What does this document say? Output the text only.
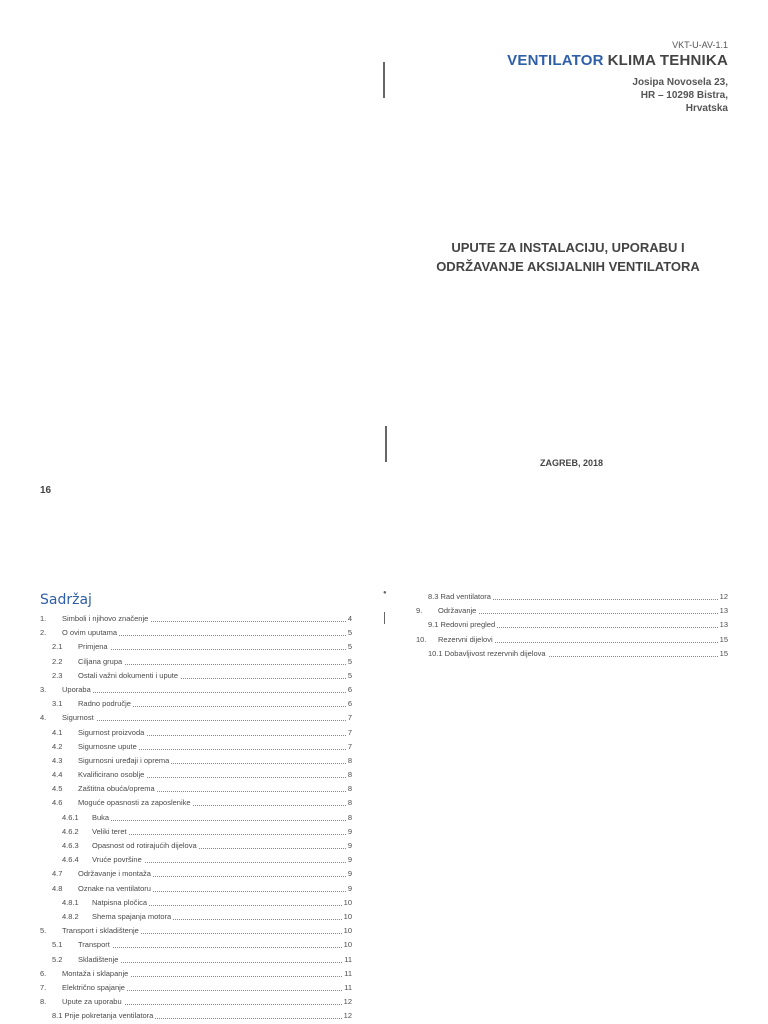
VKT-U-AV-1.1
VENTILATOR KLIMA TEHNIKA
Josipa Novosela 23,
HR – 10298 Bistra,
Hrvatska
UPUTE ZA INSTALACIJU, UPORABU I
ODRŽAVANJE AKSIJALNIH VENTILATORA
ZAGREB, 2018
16
Sadržaj	●
1. Simboli i njihovo značenje	4
2. O ovim uputama	5
2.1 Primjena	5
2.2 Ciljana grupa	5
2.3 Ostali važni dokumenti i upute	5
3. Uporaba	6
3.1 Radno područje	6
4. Sigurnost	7
4.1 Sigurnost proizvoda	7
4.2 Sigurnosne upute	7
4.3 Sigurnosni uređaji i oprema	8
4.4 Kvalificirano osoblje	8
4.5 Zaštitna obuća/oprema	8
4.6 Moguće opasnosti za zaposlenike	8
4.6.1 Buka	8
4.6.2 Veliki teret	9
4.6.3 Opasnost od rotirajućih dijelova	9
4.6.4 Vruće površine	9
4.7 Održavanje i montaža	9
4.8 Oznake na ventilatoru	9
4.8.1 Natpisna pločica	10
4.8.2 Shema spajanja motora	10
5. Transport i skladištenje	10
5.1 Transport	10
5.2 Skladištenje	11
6. Montaža i sklapanje	11
7. Električno spajanje	11
8. Upute za uporabu	12
8.1 Prije pokretanja ventilatora	12
8.3 Rad ventilatora	12
9. Održavanje	13
9.1 Redovni pregled	13
10. Rezervni dijelovi	15
10.1 Dobavljivost rezervnih dijelova	15
